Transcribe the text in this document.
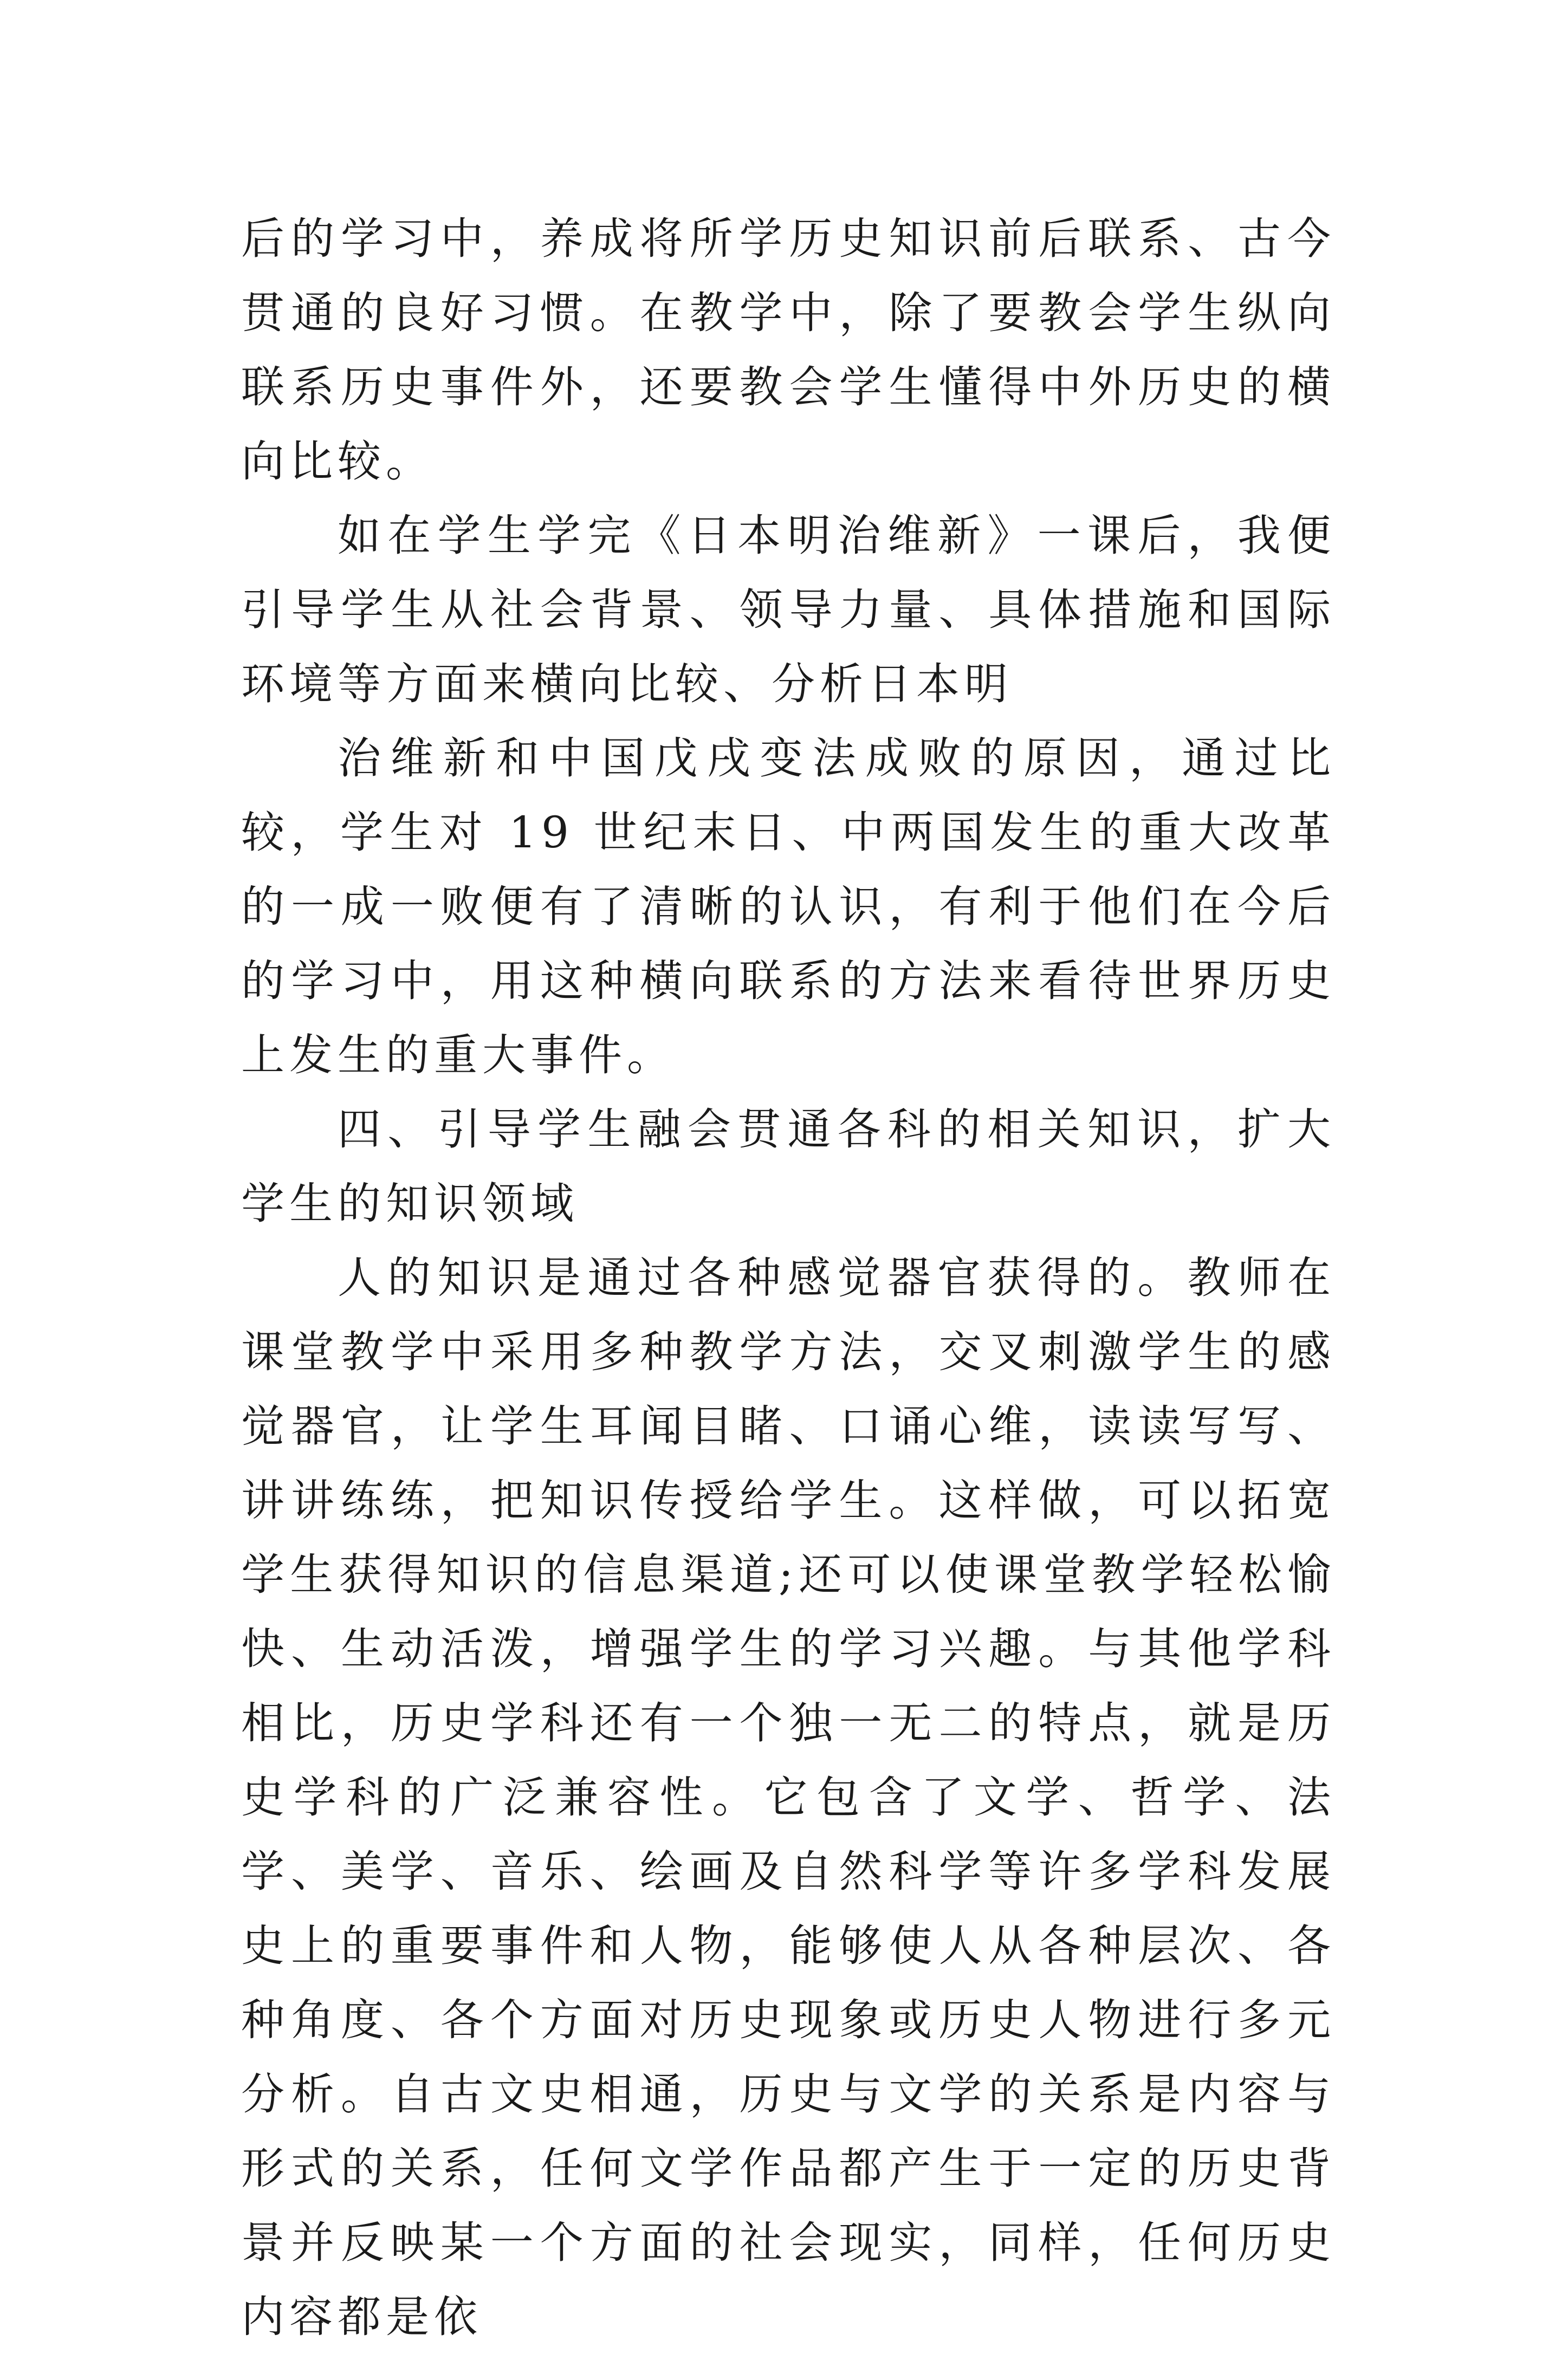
后的学习中，养成将所学历史知识前后联系、古今贯通的良好习惯。在教学中，除了要教会学生纵向联系历史事件外，还要教会学生懂得中外历史的横向比较。

如在学生学完《日本明治维新》一课后，我便引导学生从社会背景、领导力量、具体措施和国际环境等方面来横向比较、分析日本明

治维新和中国戊戌变法成败的原因，通过比较，学生对 19 世纪末日、中两国发生的重大改革的一成一败便有了清晰的认识，有利于他们在今后的学习中，用这种横向联系的方法来看待世界历史上发生的重大事件。

四、引导学生融会贯通各科的相关知识，扩大学生的知识领域

人的知识是通过各种感觉器官获得的。教师在课堂教学中采用多种教学方法，交叉刺激学生的感觉器官，让学生耳闻目睹、口诵心维，读读写写、讲讲练练，把知识传授给学生。这样做，可以拓宽学生获得知识的信息渠道;还可以使课堂教学轻松愉快、生动活泼，增强学生的学习兴趣。与其他学科相比，历史学科还有一个独一无二的特点，就是历史学科的广泛兼容性。它包含了文学、哲学、法学、美学、音乐、绘画及自然科学等许多学科发展史上的重要事件和人物，能够使人从各种层次、各种角度、各个方面对历史现象或历史人物进行多元分析。自古文史相通，历史与文学的关系是内容与形式的关系，任何文学作品都产生于一定的历史背景并反映某一个方面的社会现实，同样，任何历史内容都是依
